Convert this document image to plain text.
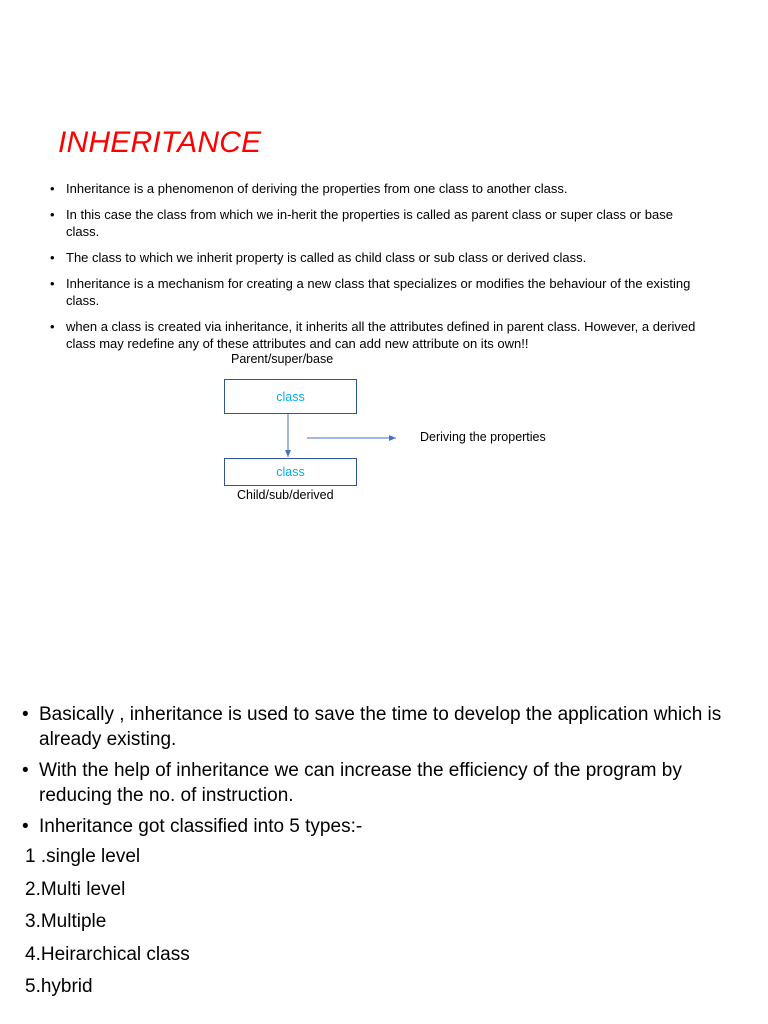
INHERITANCE
• Inheritance is a phenomenon of deriving the properties from one class to another class.
• In this case the class from which we in-herit the properties is called as parent class or super class or base class.
• The class to which we inherit property is called as child class or sub class or derived class.
• Inheritance is a mechanism for creating a new class that specializes or modifies the behaviour of the existing class.
• when a class is created via inheritance, it inherits all the attributes defined in parent class. However, a derived class may redefine any of these attributes and can add new attribute on its own!!
Parent/super/base
class
class
Child/sub/derived
Deriving the properties
• Basically , inheritance is used to save the time to develop the application which is already existing.
• With the help of inheritance we can increase the efficiency of the program by reducing the no. of instruction.
• Inheritance got classified into 5 types:-
1 .single level
2.Multi level
3.Multiple
4.Heirarchical class
5.hybrid
